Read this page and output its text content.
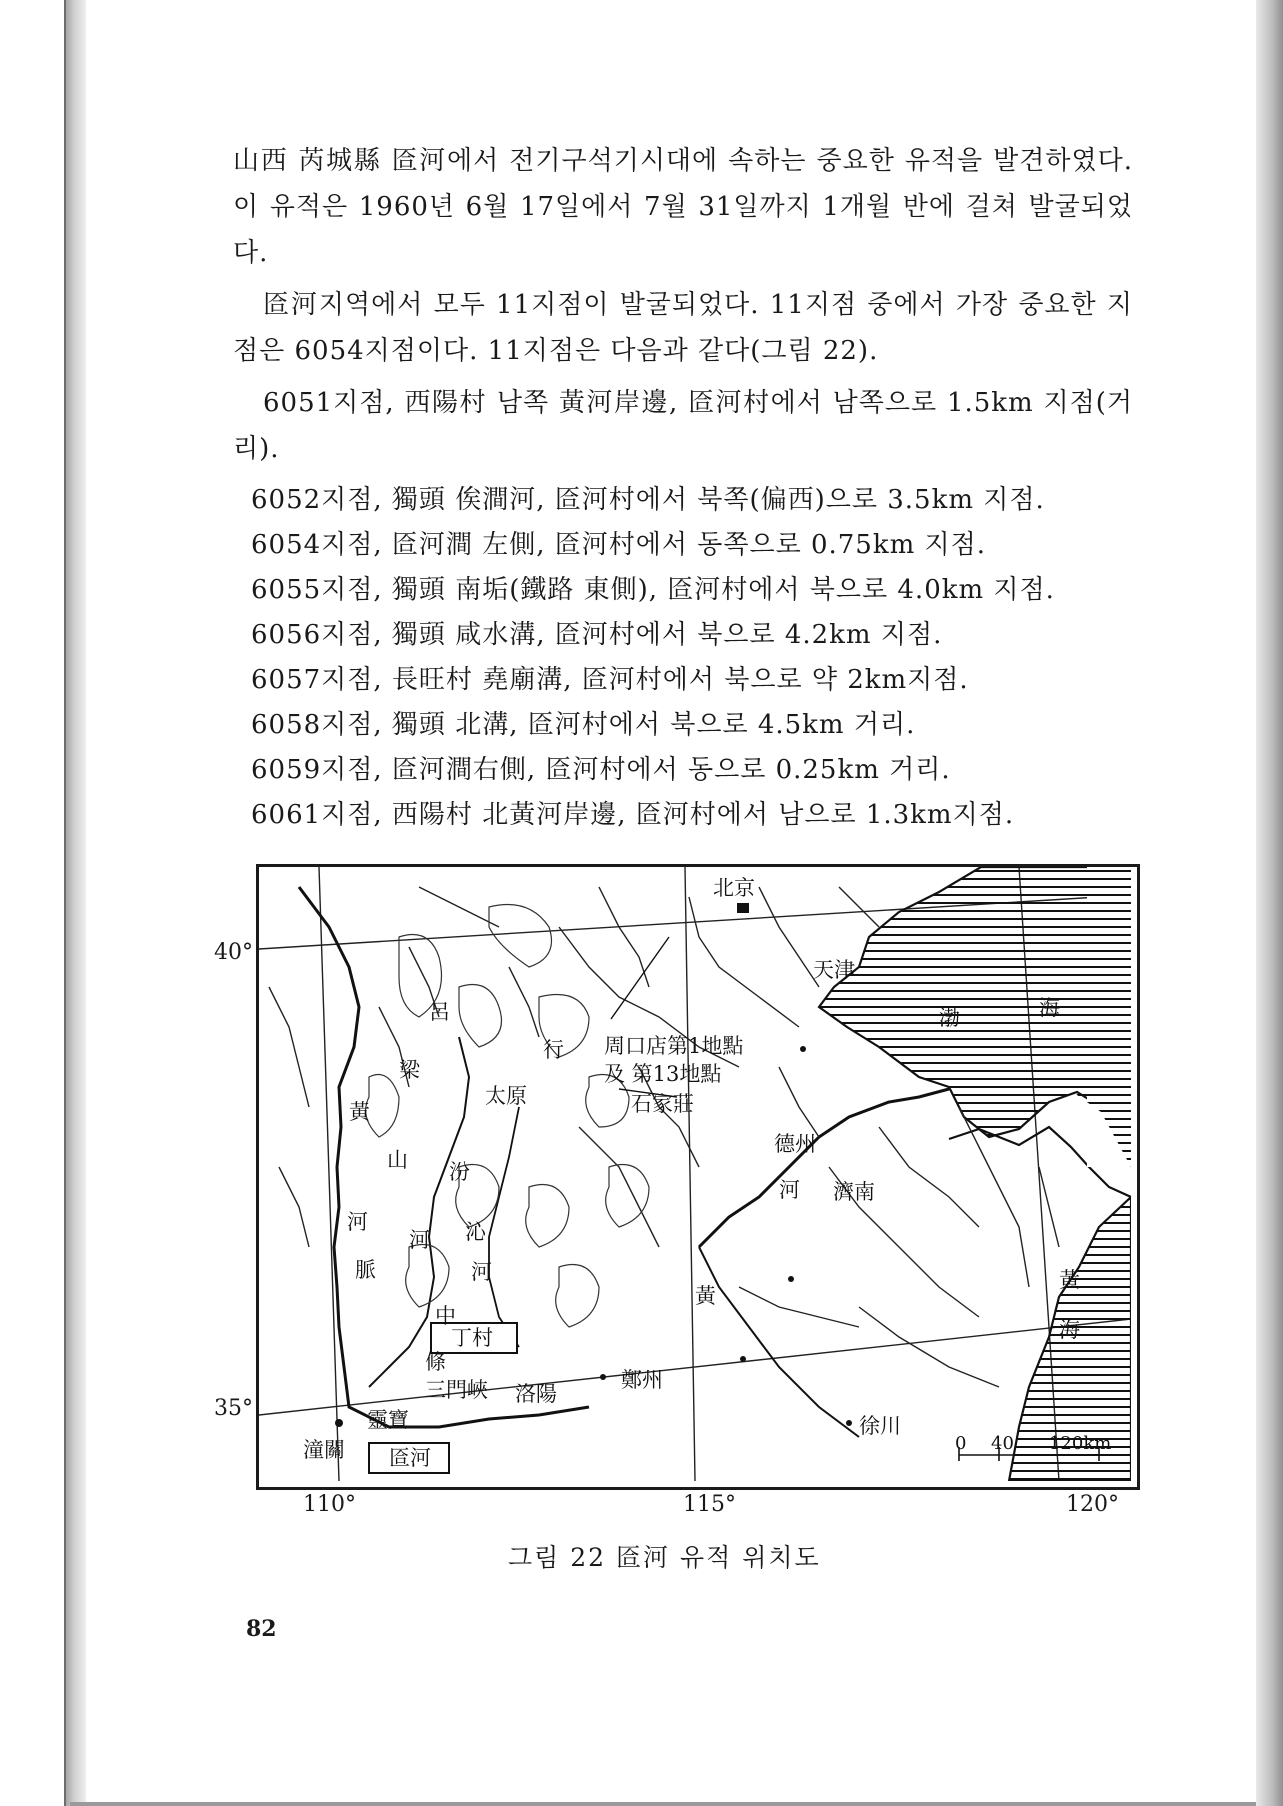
山西 芮城縣 匼河에서 전기구석기시대에 속하는 중요한 유적을 발견하였다. 이 유적은 1960년 6월 17일에서 7월 31일까지 1개월 반에 걸쳐 발굴되었다.

匼河지역에서 모두 11지점이 발굴되었다. 11지점 중에서 가장 중요한 지점은 6054지점이다. 11지점은 다음과 같다(그림 22).

6051지점, 西陽村 남쪽 黃河岸邊, 匼河村에서 남쪽으로 1.5km 지점(거리).

6052지점, 獨頭 俟澗河, 匼河村에서 북쪽(偏西)으로 3.5km 지점.
6054지점, 匼河澗 左側, 匼河村에서 동쪽으로 0.75km 지점.
6055지점, 獨頭 南垢(鐵路 東側), 匼河村에서 북으로 4.0km 지점.
6056지점, 獨頭 咸水溝, 匼河村에서 북으로 4.2km 지점.
6057지점, 長旺村 堯廟溝, 匼河村에서 북으로 약 2km지점.
6058지점, 獨頭 北溝, 匼河村에서 북으로 4.5km 거리.
6059지점, 匼河澗右側, 匼河村에서 동으로 0.25km 거리.
6061지점, 西陽村 北黃河岸邊, 匼河村에서 남으로 1.3km지점.
40°
35°
110°	115°	120°
北京
天津
周口店第1地點
及 第13地點
石家莊
太原
德州
濟南
鄭州
洛陽
三門峽
靈寶
潼關 匼河
丁村
徐川
條
中
渤	海
黃
海
呂
梁
行
山
黃
河
汾
河 沁
河
脈
黃
河
0 40 120km
그림 22 匼河 유적 위치도
82
